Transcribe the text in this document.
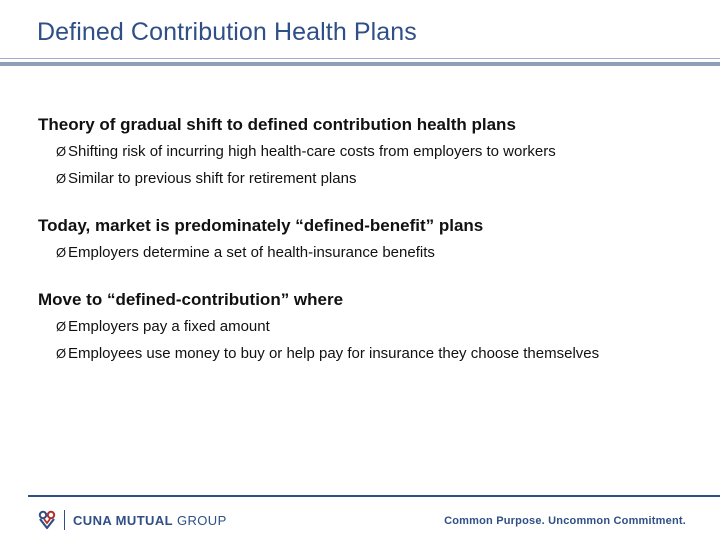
Defined Contribution Health Plans
Theory of gradual shift to defined contribution health plans
Ø Shifting risk of incurring high health-care costs from employers to workers
Ø Similar to previous shift for retirement plans
Today, market is predominately “defined-benefit” plans
Ø Employers determine a set of health-insurance benefits
Move to “defined-contribution” where
Ø Employers pay a fixed amount
Ø Employees use money to buy or help pay for insurance they choose themselves
CUNA MUTUAL GROUP	Common Purpose. Uncommon Commitment.
